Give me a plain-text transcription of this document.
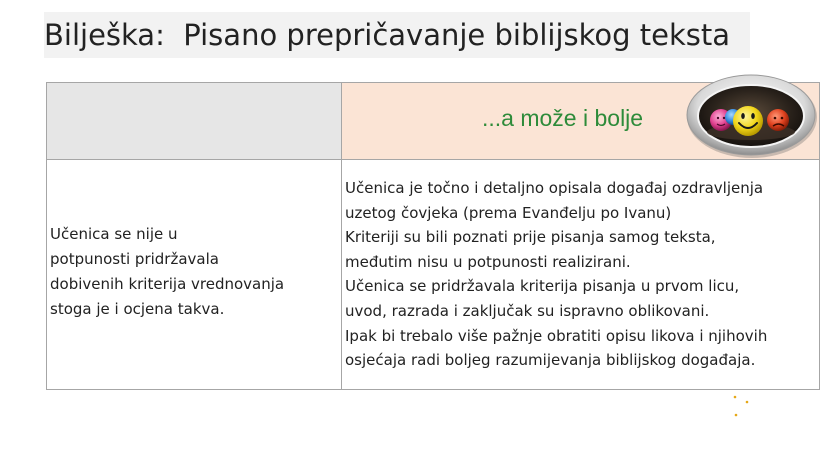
Bilješka:  Pisano prepričavanje biblijskog teksta
...a može i bolje
Učenica se nije u
potpunosti pridržavala
dobivenih kriterija vrednovanja
stoga je i ocjena takva.

Učenica je točno i detaljno opisala događaj ozdravljenja

uzetog čovjeka (prema Evanđelju po Ivanu)

Kriteriji su bili poznati prije pisanja samog teksta,

međutim nisu u potpunosti realizirani.

Učenica se pridržavala kriterija pisanja u prvom licu,

uvod, razrada i zaključak su ispravno oblikovani.

Ipak bi trebalo više pažnje obratiti opisu likova i njihovih

osjećaja radi boljeg razumijevanja biblijskog događaja.
